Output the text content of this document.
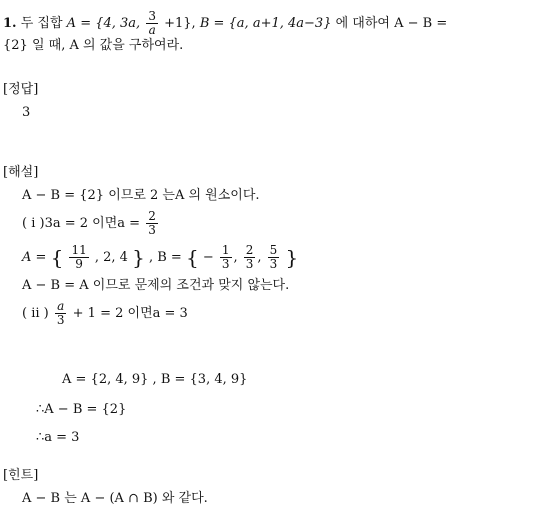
1. 두 집합 A = {4, 3a, $\frac{3}{a} +1$}, B = {a, a+1, 4a−3} 에 대하여 A − B =
{2} 일 때, A 의 값을 구하여라.
[정답]
3
[해설]
A − B = {2} 이므로 2 는A 의 원소이다.
( ⅰ )3a = 2 이면$a = \frac{2}{3}$
A = { $\frac{11}{9}$ , 2, 4 } , B = { − $\frac{1}{3}$ , $\frac{2}{3}$ , $\frac{5}{3}$ }
A − B = A 이므로 문제의 조건과 맞지 않는다.
( ⅱ ) $\frac{a}{3} + 1 = 2$ 이면a = 3
A = {2, 4, 9} , B = {3, 4, 9}
∴A − B = {2}
∴a = 3
[힌트]
A − B 는 A − (A ∩ B) 와 같다.
